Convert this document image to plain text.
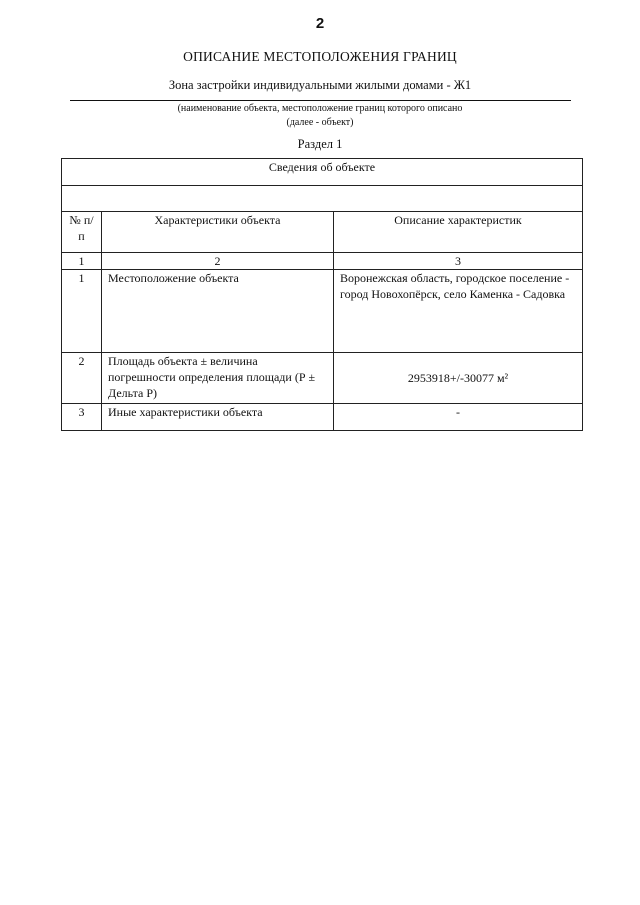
2
ОПИСАНИЕ МЕСТОПОЛОЖЕНИЯ ГРАНИЦ
Зона застройки индивидуальными жилыми домами - Ж1
(наименование объекта, местоположение границ которого описано
(далее - объект)
Раздел 1
Сведения об объекте		

№ п/п	Характеристики объекта	Описание характеристик
1	2	3
1	Местоположение объекта	Воронежская область, городское поселение - город Новохопёрск, село Каменка - Садовка
2	Площадь объекта ± величина погрешности определения площади (Р ± Дельта Р)	2953918+/-30077 м²
3	Иные характеристики объекта	-
